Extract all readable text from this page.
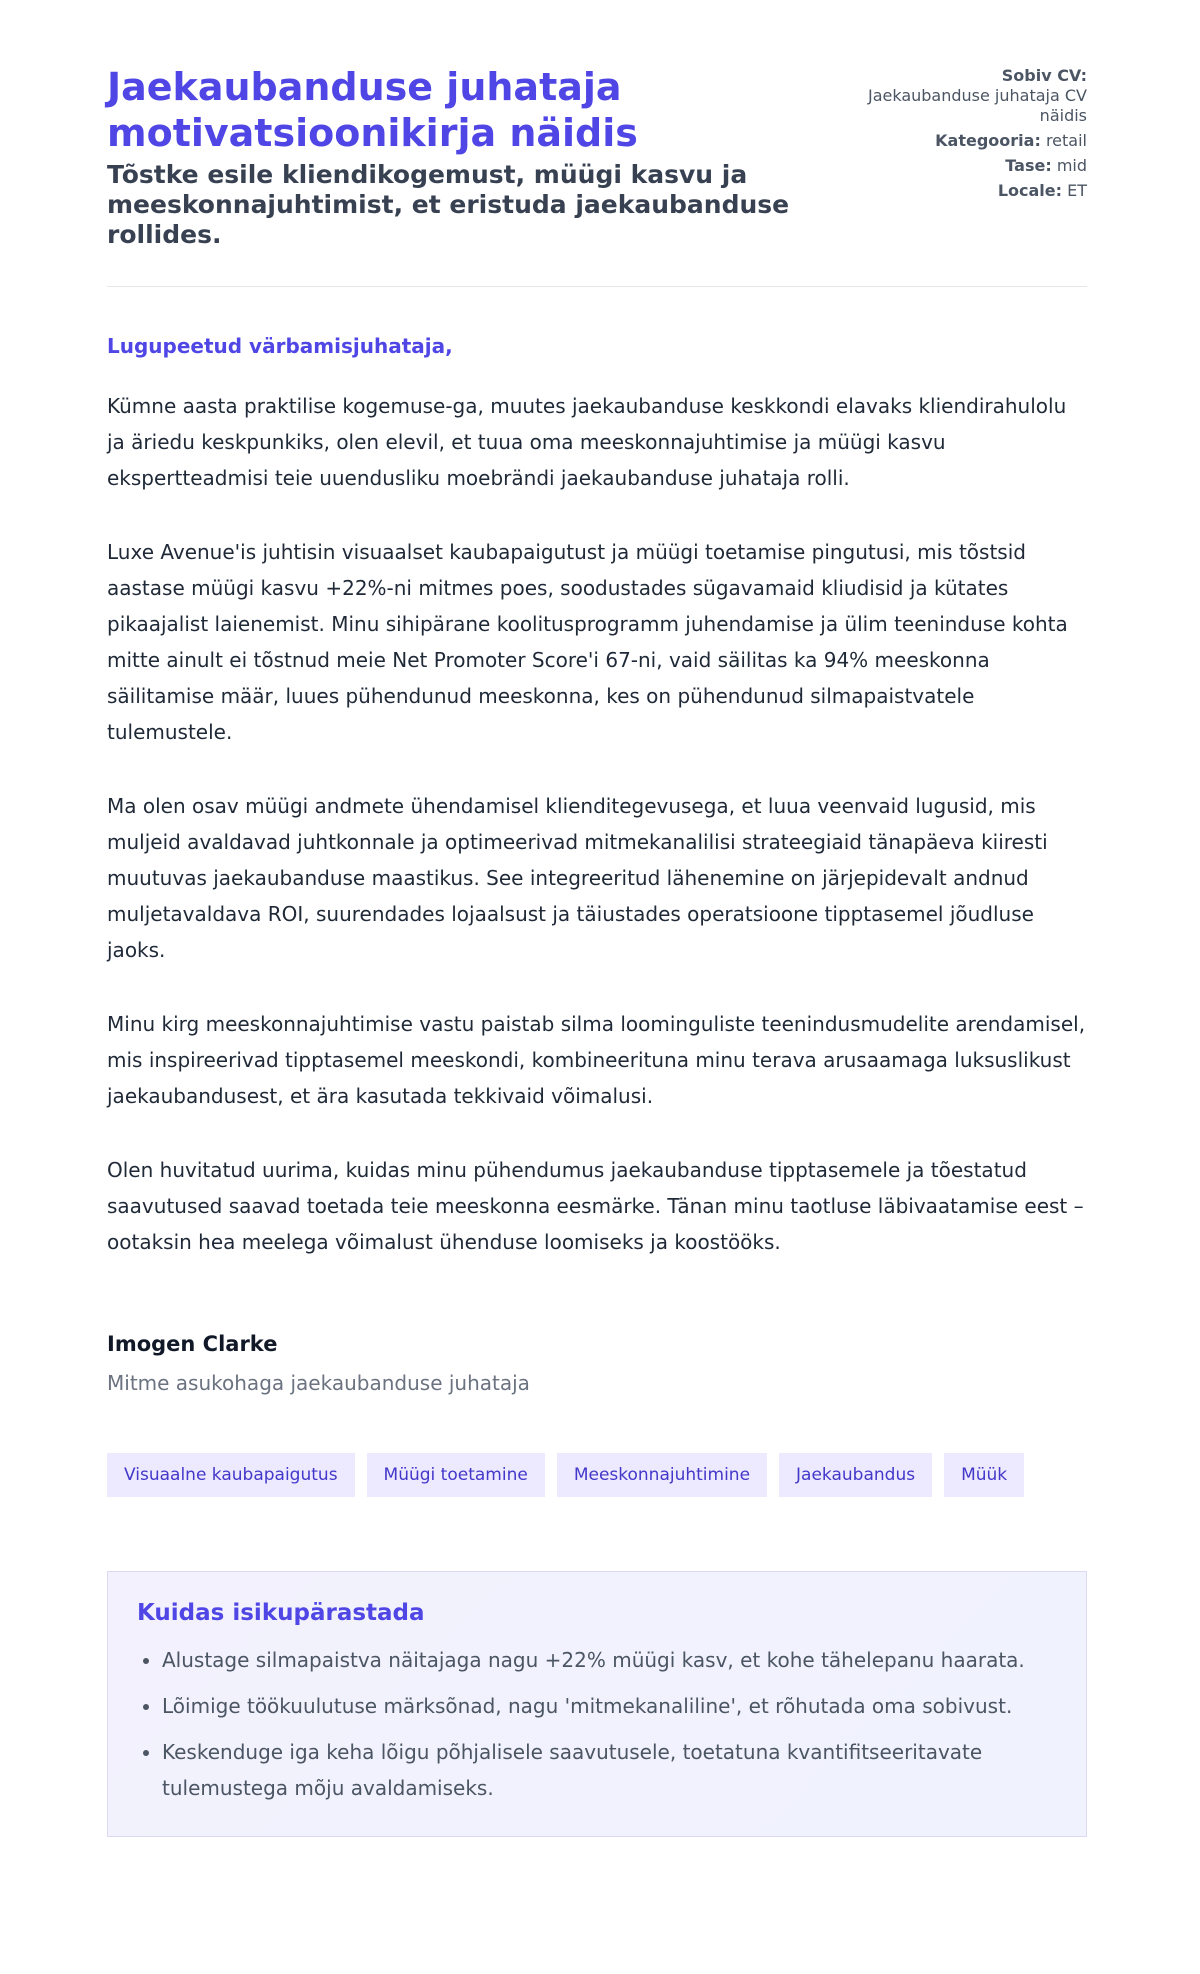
Jaekaubanduse juhataja motivatsioonikirja näidis

Tõstke esile kliendikogemust, müügi kasvu ja meeskonnajuhtimist, et eristuda jaekaubanduse rollides.

Sobiv CV:
Jaekaubanduse juhataja CV näidis
Kategooria: retail
Tase: mid
Locale: ET
Lugupeetud värbamisjuhataja,

Kümne aasta praktilise kogemuse-ga, muutes jaekaubanduse keskkondi elavaks kliendirahulolu ja äriedu keskpunkiks, olen elevil, et tuua oma meeskonnajuhtimise ja müügi kasvu ekspertteadmisi teie uuendusliku moebrändi jaekaubanduse juhataja rolli.

Luxe Avenue'is juhtisin visuaalset kaubapaigutust ja müügi toetamise pingutusi, mis tõstsid aastase müügi kasvu +22%-ni mitmes poes, soodustades sügavamaid kliudisid ja kütates pikaajalist laienemist. Minu sihipärane koolitusprogramm juhendamise ja ülim teeninduse kohta mitte ainult ei tõstnud meie Net Promoter Score'i 67-ni, vaid säilitas ka 94% meeskonna säilitamise määr, luues pühendunud meeskonna, kes on pühendunud silmapaistvatele tulemustele.

Ma olen osav müügi andmete ühendamisel klienditegevusega, et luua veenvaid lugusid, mis muljeid avaldavad juhtkonnale ja optimeerivad mitmekanalilisi strateegiaid tänapäeva kiiresti muutuvas jaekaubanduse maastikus. See integreeritud lähenemine on järjepidevalt andnud muljetavaldava ROI, suurendades lojaalsust ja täiustades operatsioone tipptasemel jõudluse jaoks.

Minu kirg meeskonnajuhtimise vastu paistab silma loominguliste teenindusmudelite arendamisel, mis inspireerivad tipptasemel meeskondi, kombineerituna minu terava arusaamaga luksuslikust jaekaubandusest, et ära kasutada tekkivaid võimalusi.

Olen huvitatud uurima, kuidas minu pühendumus jaekaubanduse tipptasemele ja tõestatud saavutused saavad toetada teie meeskonna eesmärke. Tänan minu taotluse läbivaatamise eest – ootaksin hea meelega võimalust ühenduse loomiseks ja koostööks.

Imogen Clarke
Mitme asukohaga jaekaubanduse juhataja
Visuaalne kaubapaigutus	Müügi toetamine	Meeskonnajuhtimine	Jaekaubandus	Müük
Kuidas isikupärastada
• Alustage silmapaistva näitajaga nagu +22% müügi kasv, et kohe tähelepanu haarata.
• Lõimige töökuulutuse märksõnad, nagu 'mitmekanaliline', et rõhutada oma sobivust.
• Keskenduge iga keha lõigu põhjalisele saavutusele, toetatuna kvantifitseeritavate tulemustega mõju avaldamiseks.
